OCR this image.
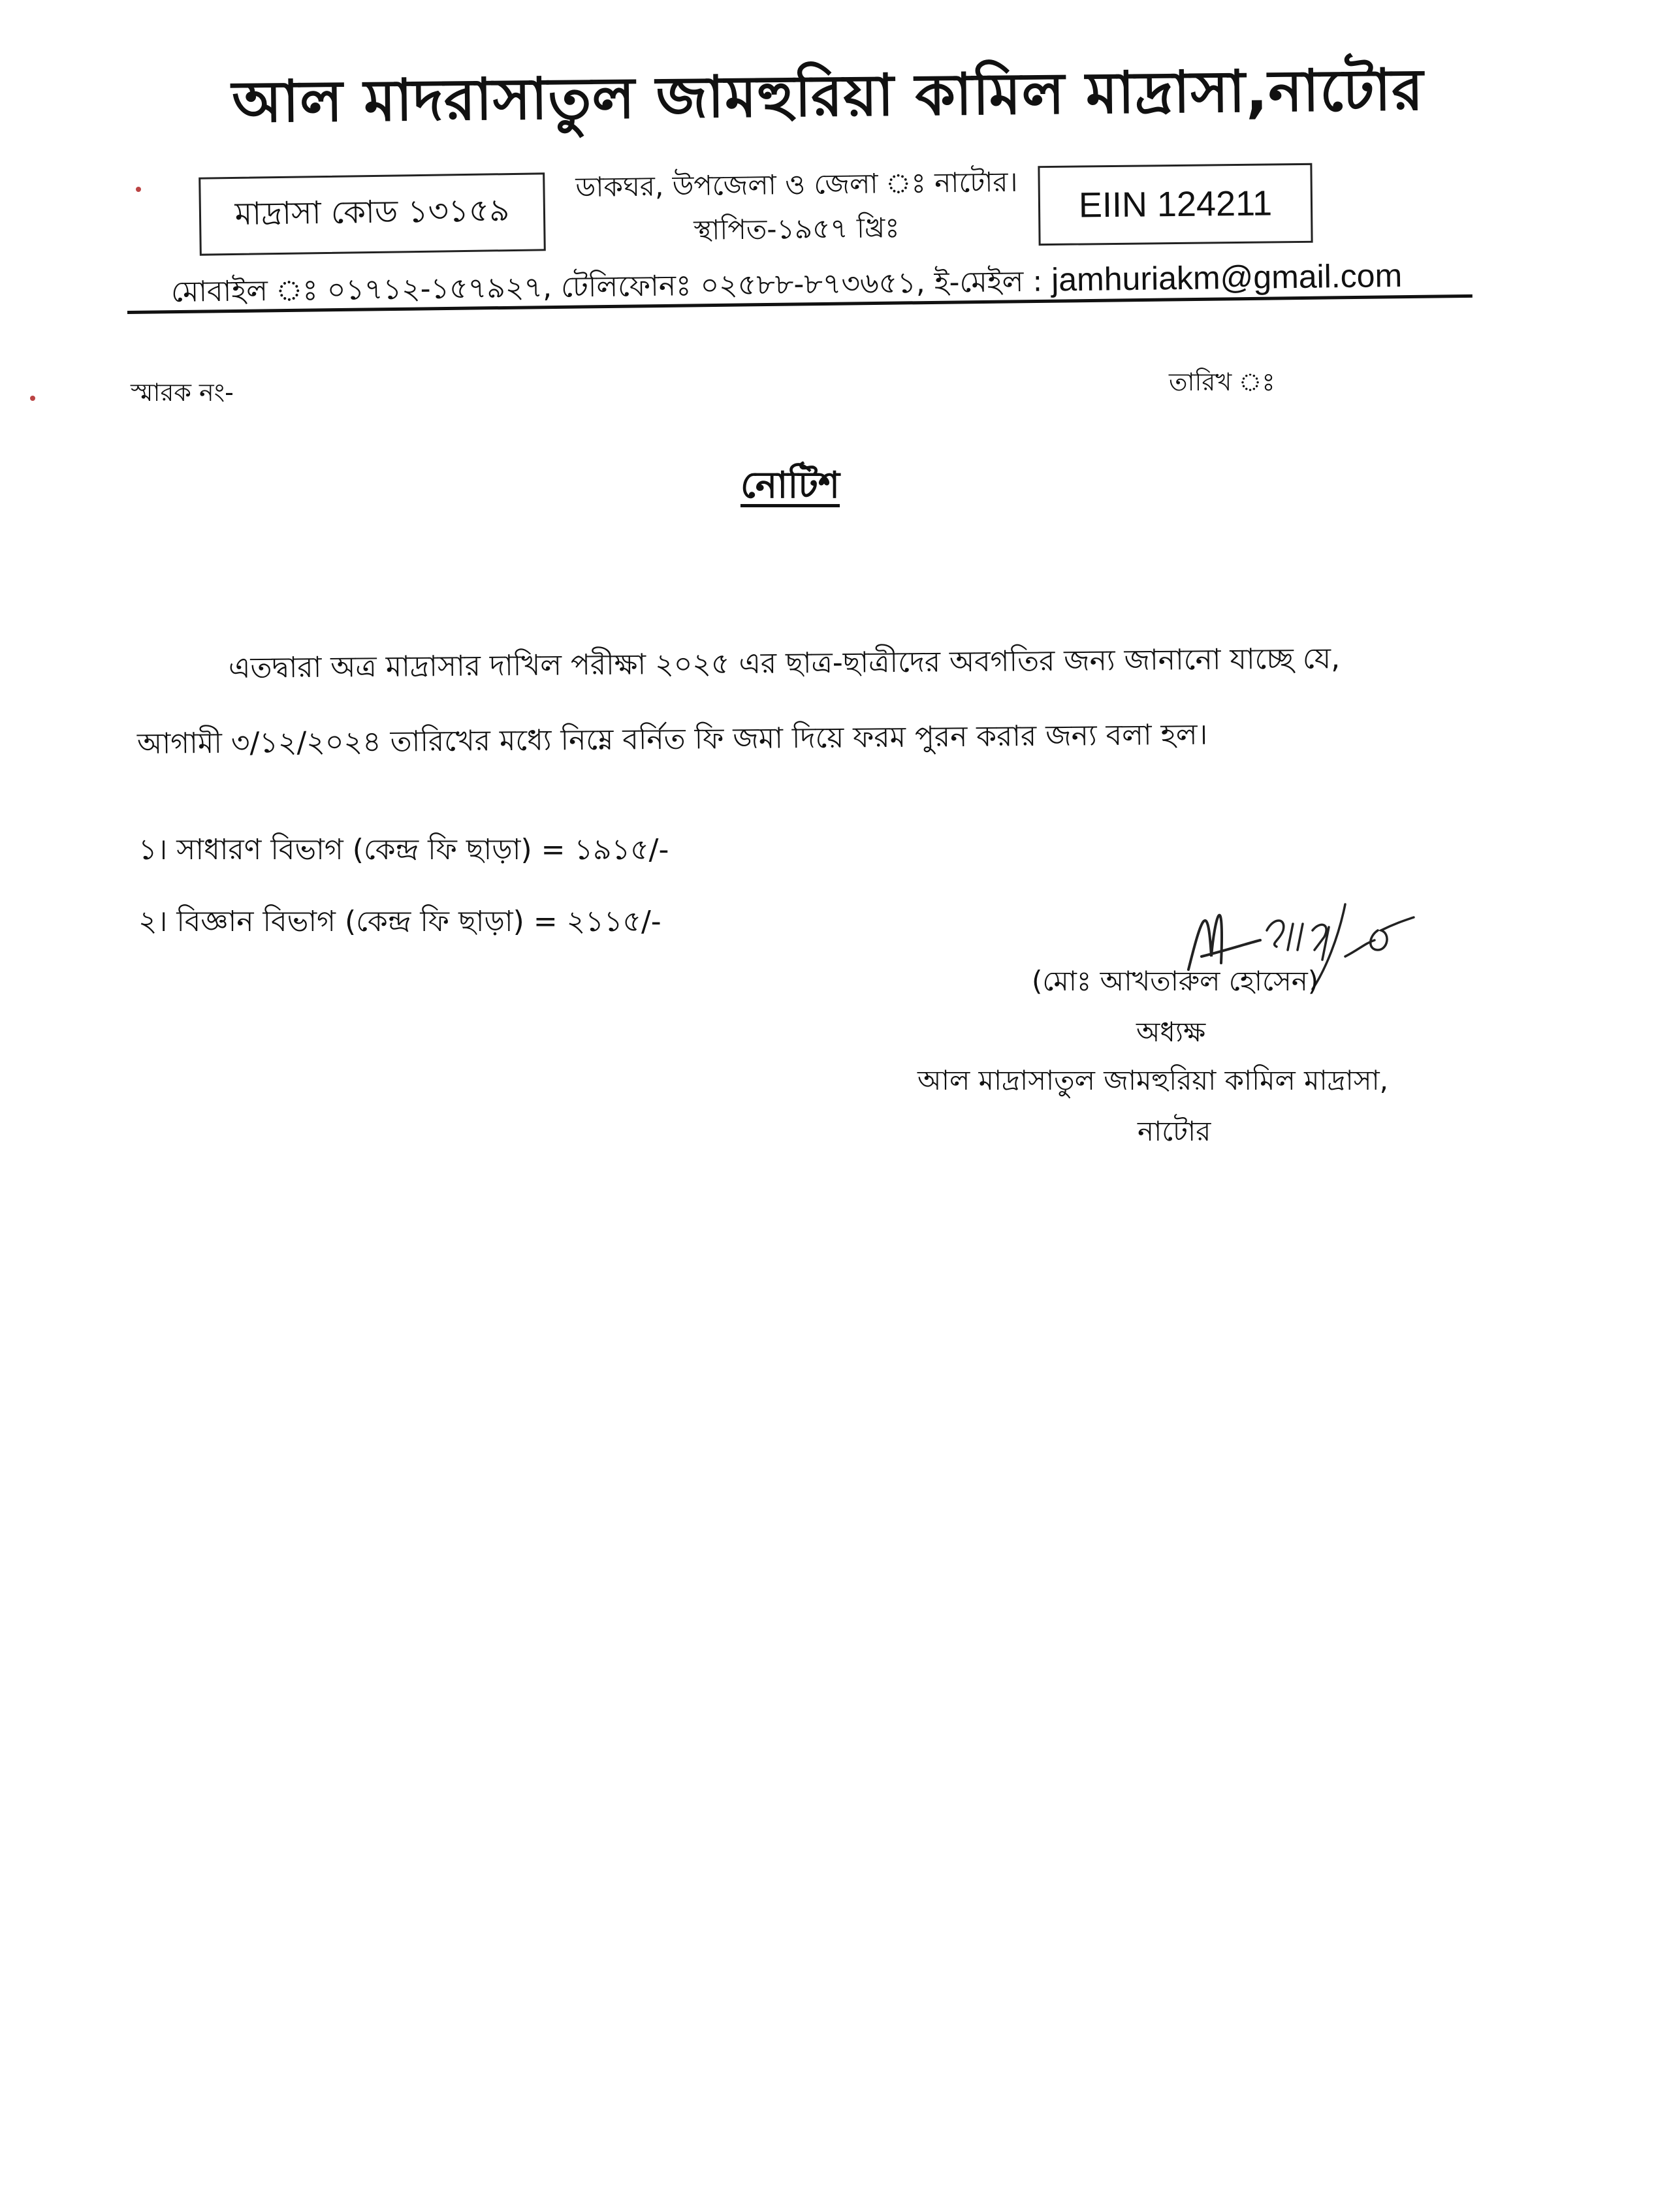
আল মাদরাসাতুল জামহুরিয়া কামিল মাদ্রাসা,নাটোর
মাদ্রাসা কোড ১৩১৫৯
ডাকঘর, উপজেলা ও জেলা ঃ নাটোর।
স্থাপিত-১৯৫৭ খ্রিঃ
EIIN 124211
মোবাইল ঃ ০১৭১২-১৫৭৯২৭, টেলিফোনঃ ০২৫৮৮-৮৭৩৬৫১, ই-মেইল : jamhuriakm@gmail.com
স্মারক নং-	তারিখ ঃ
নোটিশ
এতদ্বারা অত্র মাদ্রাসার দাখিল পরীক্ষা ২০২৫ এর ছাত্র-ছাত্রীদের অবগতির জন্য জানানো যাচ্ছে যে,
আগামী ৩/১২/২০২৪ তারিখের মধ্যে নিম্নে বর্নিত ফি জমা দিয়ে ফরম পুরন করার জন্য বলা হল।
১। সাধারণ বিভাগ (কেন্দ্র ফি ছাড়া) = ১৯১৫/-
২। বিজ্ঞান বিভাগ (কেন্দ্র ফি ছাড়া) = ২১১৫/-
(মোঃ আখতারুল হোসেন)
অধ্যক্ষ
আল মাদ্রাসাতুল জামহুরিয়া কামিল মাদ্রাসা,
নাটোর
